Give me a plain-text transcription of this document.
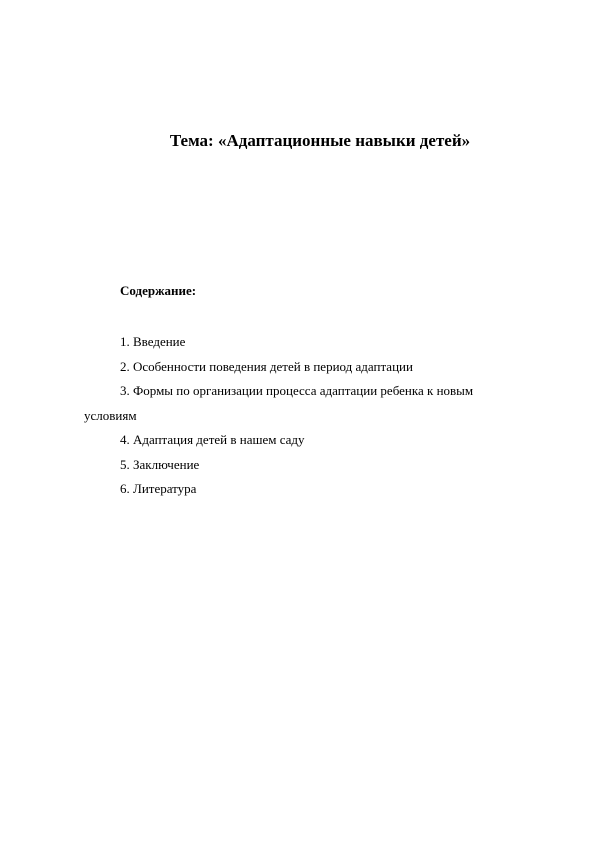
Тема: «Адаптационные навыки детей»
Содержание:
1. Введение
2. Особенности поведения детей в период адаптации
3. Формы по организации процесса адаптации ребенка к новым условиям
4. Адаптация детей в нашем саду
5. Заключение
6. Литература
